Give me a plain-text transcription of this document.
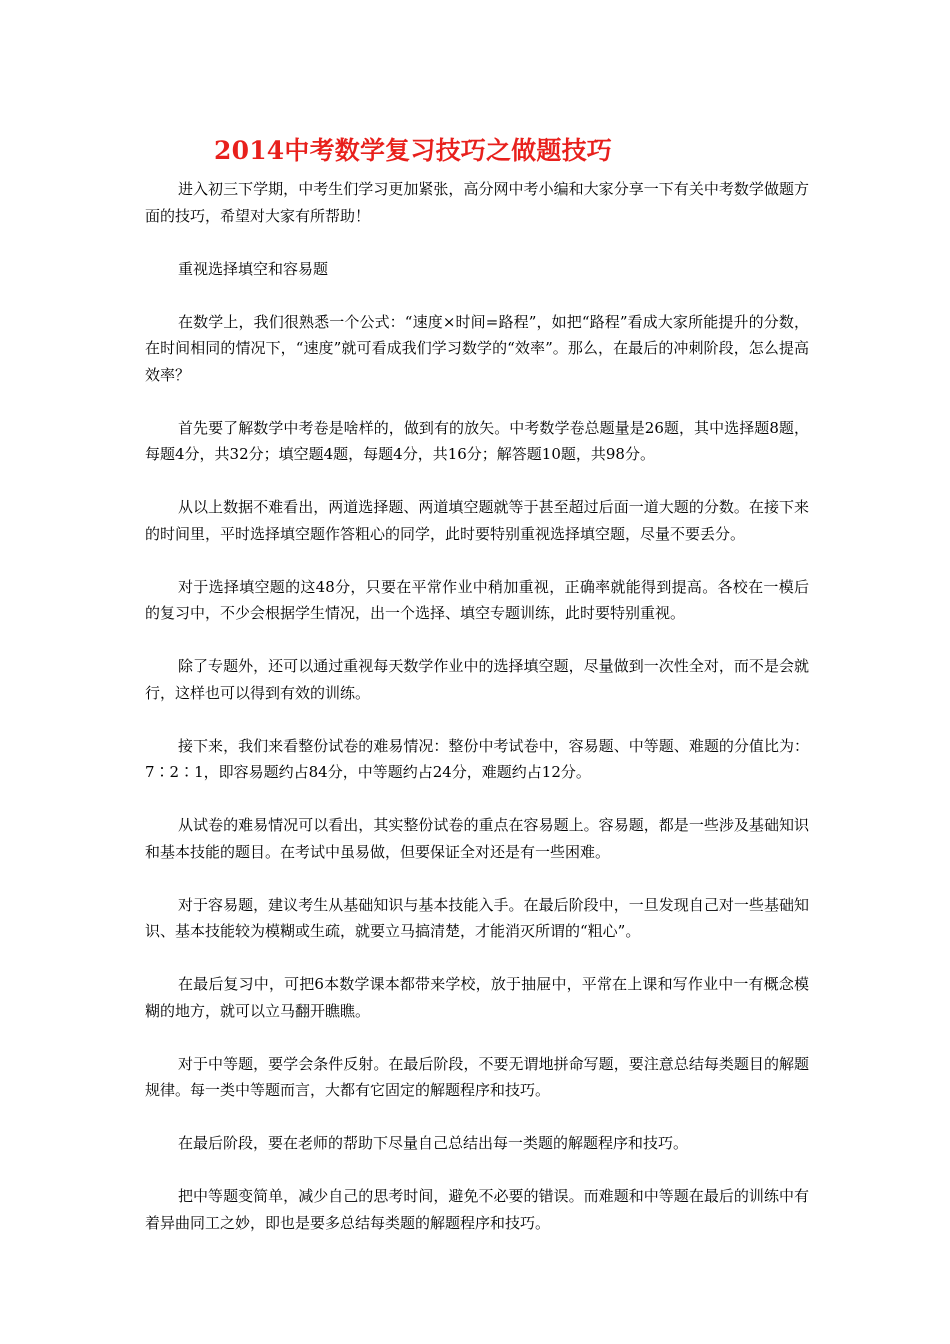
2014中考数学复习技巧之做题技巧

进入初三下学期，中考生们学习更加紧张，高分网中考小编和大家分享一下有关中考数学做题方面的技巧，希望对大家有所帮助！

重视选择填空和容易题

在数学上，我们很熟悉一个公式：“速度×时间=路程”，如把“路程”看成大家所能提升的分数，在时间相同的情况下，“速度”就可看成我们学习数学的“效率”。那么，在最后的冲刺阶段，怎么提高效率？

首先要了解数学中考卷是啥样的，做到有的放矢。中考数学卷总题量是26题，其中选择题8题，每题4分，共32分；填空题4题，每题4分，共16分；解答题10题，共98分。

从以上数据不难看出，两道选择题、两道填空题就等于甚至超过后面一道大题的分数。在接下来的时间里，平时选择填空题作答粗心的同学，此时要特别重视选择填空题，尽量不要丢分。

对于选择填空题的这48分，只要在平常作业中稍加重视，正确率就能得到提高。各校在一模后的复习中，不少会根据学生情况，出一个选择、填空专题训练，此时要特别重视。

除了专题外，还可以通过重视每天数学作业中的选择填空题，尽量做到一次性全对，而不是会就行，这样也可以得到有效的训练。

接下来，我们来看整份试卷的难易情况：整份中考试卷中，容易题、中等题、难题的分值比为：7∶2∶1，即容易题约占84分，中等题约占24分，难题约占12分。

从试卷的难易情况可以看出，其实整份试卷的重点在容易题上。容易题，都是一些涉及基础知识和基本技能的题目。在考试中虽易做，但要保证全对还是有一些困难。

对于容易题，建议考生从基础知识与基本技能入手。在最后阶段中，一旦发现自己对一些基础知识、基本技能较为模糊或生疏，就要立马搞清楚，才能消灭所谓的“粗心”。

在最后复习中，可把6本数学课本都带来学校，放于抽屉中，平常在上课和写作业中一有概念模糊的地方，就可以立马翻开瞧瞧。

对于中等题，要学会条件反射。在最后阶段，不要无谓地拼命写题，要注意总结每类题目的解题规律。每一类中等题而言，大都有它固定的解题程序和技巧。

在最后阶段，要在老师的帮助下尽量自己总结出每一类题的解题程序和技巧。

把中等题变简单，减少自己的思考时间，避免不必要的错误。而难题和中等题在最后的训练中有着异曲同工之妙，即也是要多总结每类题的解题程序和技巧。
